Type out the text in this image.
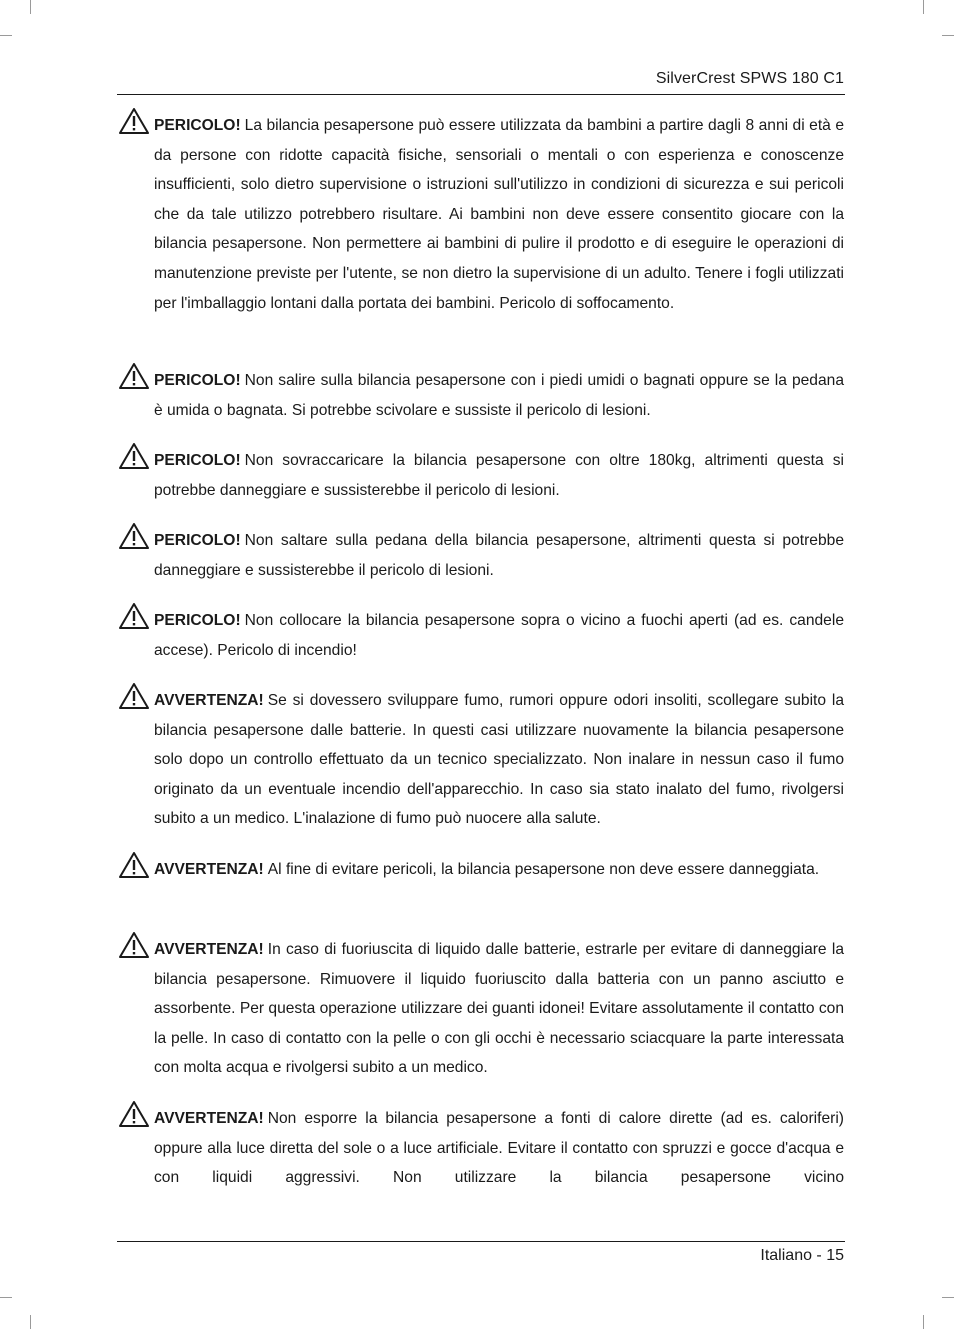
SilverCrest SPWS 180 C1
PERICOLO! La bilancia pesapersone può essere utilizzata da bambini a partire dagli 8 anni di età e da persone con ridotte capacità fisiche, sensoriali o mentali o con esperienza e conoscenze insufficienti, solo dietro supervisione o istruzioni sull'utilizzo in condizioni di sicurezza e sui pericoli che da tale utilizzo potrebbero risultare. Ai bambini non deve essere consentito giocare con la bilancia pesapersone. Non permettere ai bambini di pulire il prodotto e di eseguire le operazioni di manutenzione previste per l'utente, se non dietro la supervisione di un adulto. Tenere i fogli utilizzati per l'imballaggio lontani dalla portata dei bambini. Pericolo di soffocamento.
PERICOLO! Non salire sulla bilancia pesapersone con i piedi umidi o bagnati oppure se la pedana è umida o bagnata. Si potrebbe scivolare e sussiste il pericolo di lesioni.
PERICOLO! Non sovraccaricare la bilancia pesapersone con oltre 180kg, altrimenti questa si potrebbe danneggiare e sussisterebbe il pericolo di lesioni.
PERICOLO! Non saltare sulla pedana della bilancia pesapersone, altrimenti questa si potrebbe danneggiare e sussisterebbe il pericolo di lesioni.
PERICOLO! Non collocare la bilancia pesapersone sopra o vicino a fuochi aperti (ad es. candele accese). Pericolo di incendio!
AVVERTENZA! Se si dovessero sviluppare fumo, rumori oppure odori insoliti, scollegare subito la bilancia pesapersone dalle batterie. In questi casi utilizzare nuovamente la bilancia pesapersone solo dopo un controllo effettuato da un tecnico specializzato. Non inalare in nessun caso il fumo originato da un eventuale incendio dell'apparecchio. In caso sia stato inalato del fumo, rivolgersi subito a un medico. L'inalazione di fumo può nuocere alla salute.
AVVERTENZA! Al fine di evitare pericoli, la bilancia pesapersone non deve essere danneggiata.
AVVERTENZA! In caso di fuoriuscita di liquido dalle batterie, estrarle per evitare di danneggiare la bilancia pesapersone. Rimuovere il liquido fuoriuscito dalla batteria con un panno asciutto e assorbente. Per questa operazione utilizzare dei guanti idonei! Evitare assolutamente il contatto con la pelle. In caso di contatto con la pelle o con gli occhi è necessario sciacquare la parte interessata con molta acqua e rivolgersi subito a un medico.
AVVERTENZA! Non esporre la bilancia pesapersone a fonti di calore dirette (ad es. caloriferi) oppure alla luce diretta del sole o a luce artificiale. Evitare il contatto con spruzzi e gocce d'acqua e con liquidi aggressivi. Non utilizzare la bilancia pesapersone vicino
Italiano - 15
